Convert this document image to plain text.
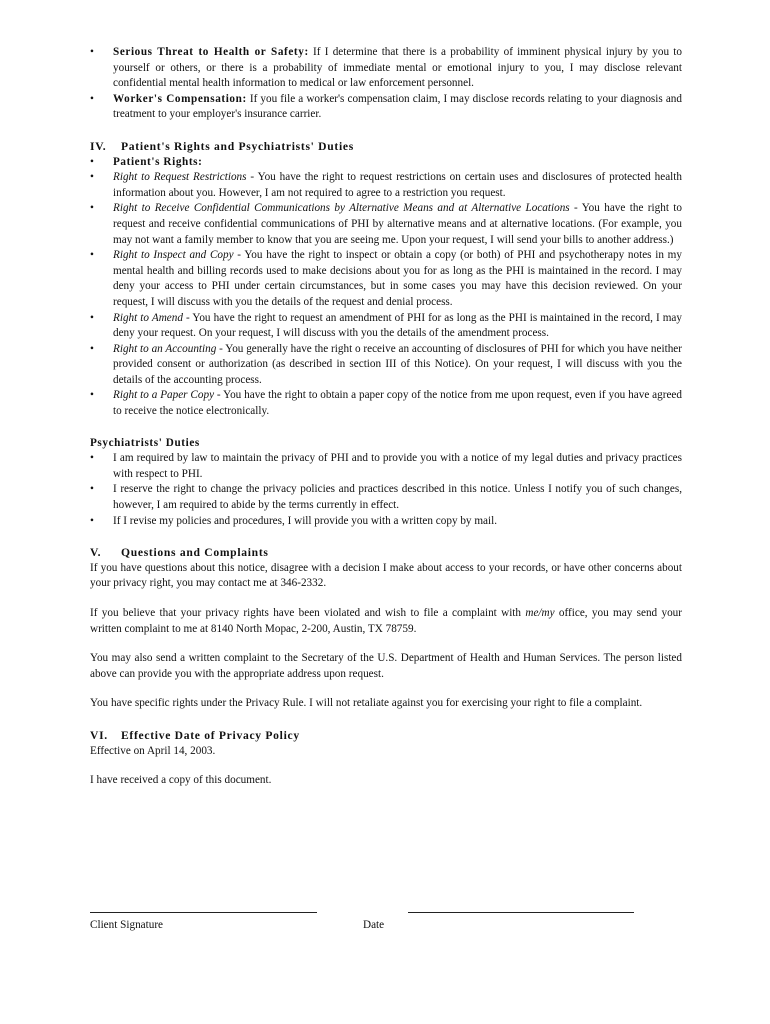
• Serious Threat to Health or Safety: If I determine that there is a probability of imminent physical injury by you to yourself or others, or there is a probability of immediate mental or emotional injury to you, I may disclose relevant confidential mental health information to medical or law enforcement personnel.
• Worker's Compensation: If you file a worker's compensation claim, I may disclose records relating to your diagnosis and treatment to your employer's insurance carrier.
IV. Patient's Rights and Psychiatrists' Duties
• Patient's Rights:
• Right to Request Restrictions - You have the right to request restrictions on certain uses and disclosures of protected health information about you. However, I am not required to agree to a restriction you request.
• Right to Receive Confidential Communications by Alternative Means and at Alternative Locations - You have the right to request and receive confidential communications of PHI by alternative means and at alternative locations. (For example, you may not want a family member to know that you are seeing me. Upon your request, I will send your bills to another address.)
• Right to Inspect and Copy - You have the right to inspect or obtain a copy (or both) of PHI and psychotherapy notes in my mental health and billing records used to make decisions about you for as long as the PHI is maintained in the record. I may deny your access to PHI under certain circumstances, but in some cases you may have this decision reviewed. On your request, I will discuss with you the details of the request and denial process.
• Right to Amend - You have the right to request an amendment of PHI for as long as the PHI is maintained in the record, I may deny your request. On your request, I will discuss with you the details of the amendment process.
• Right to an Accounting - You generally have the right o receive an accounting of disclosures of PHI for which you have neither provided consent or authorization (as described in section III of this Notice). On your request, I will discuss with you the details of the accounting process.
• Right to a Paper Copy - You have the right to obtain a paper copy of the notice from me upon request, even if you have agreed to receive the notice electronically.
Psychiatrists' Duties
• I am required by law to maintain the privacy of PHI and to provide you with a notice of my legal duties and privacy practices with respect to PHI.
• I reserve the right to change the privacy policies and practices described in this notice. Unless I notify you of such changes, however, I am required to abide by the terms currently in effect.
• If I revise my policies and procedures, I will provide you with a written copy by mail.
V. Questions and Complaints

If you have questions about this notice, disagree with a decision I make about access to your records, or have other concerns about your privacy right, you may contact me at 346-2332.

If you believe that your privacy rights have been violated and wish to file a complaint with me/my office, you may send your written complaint to me at 8140 North Mopac, 2-200, Austin, TX 78759.

You may also send a written complaint to the Secretary of the U.S. Department of Health and Human Services. The person listed above can provide you with the appropriate address upon request.

You have specific rights under the Privacy Rule. I will not retaliate against you for exercising your right to file a complaint.

VI. Effective Date of Privacy Policy

Effective on April 14, 2003.

I have received a copy of this document.

Client Signature	Date
